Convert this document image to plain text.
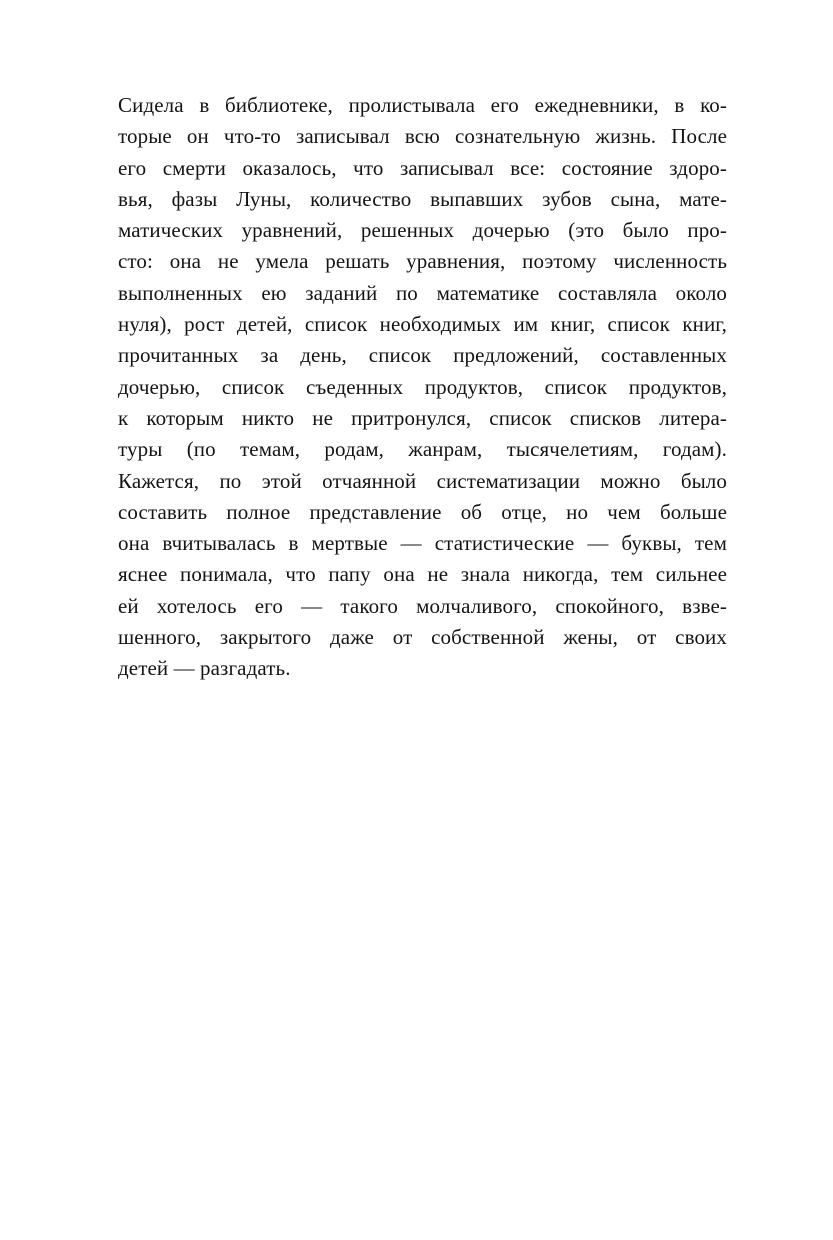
Сидела в библиотеке, пролистывала его ежедневники, в ко-
торые он что-то записывал всю сознательную жизнь. После
его смерти оказалось, что записывал все: состояние здоро-
вья, фазы Луны, количество выпавших зубов сына, мате-
матических уравнений, решенных дочерью (это было про-
сто: она не умела решать уравнения, поэтому численность
выполненных ею заданий по математике составляла около
нуля), рост детей, список необходимых им книг, список книг,
прочитанных за день, список предложений, составленных
дочерью, список съеденных продуктов, список продуктов,
к которым никто не притронулся, список списков литера-
туры (по темам, родам, жанрам, тысячелетиям, годам).
Кажется, по этой отчаянной систематизации можно было
составить полное представление об отце, но чем больше
она вчитывалась в мертвые — статистические — буквы, тем
яснее понимала, что папу она не знала никогда, тем сильнее
ей хотелось его — такого молчаливого, спокойного, взве-
шенного, закрытого даже от собственной жены, от своих
детей — разгадать.
